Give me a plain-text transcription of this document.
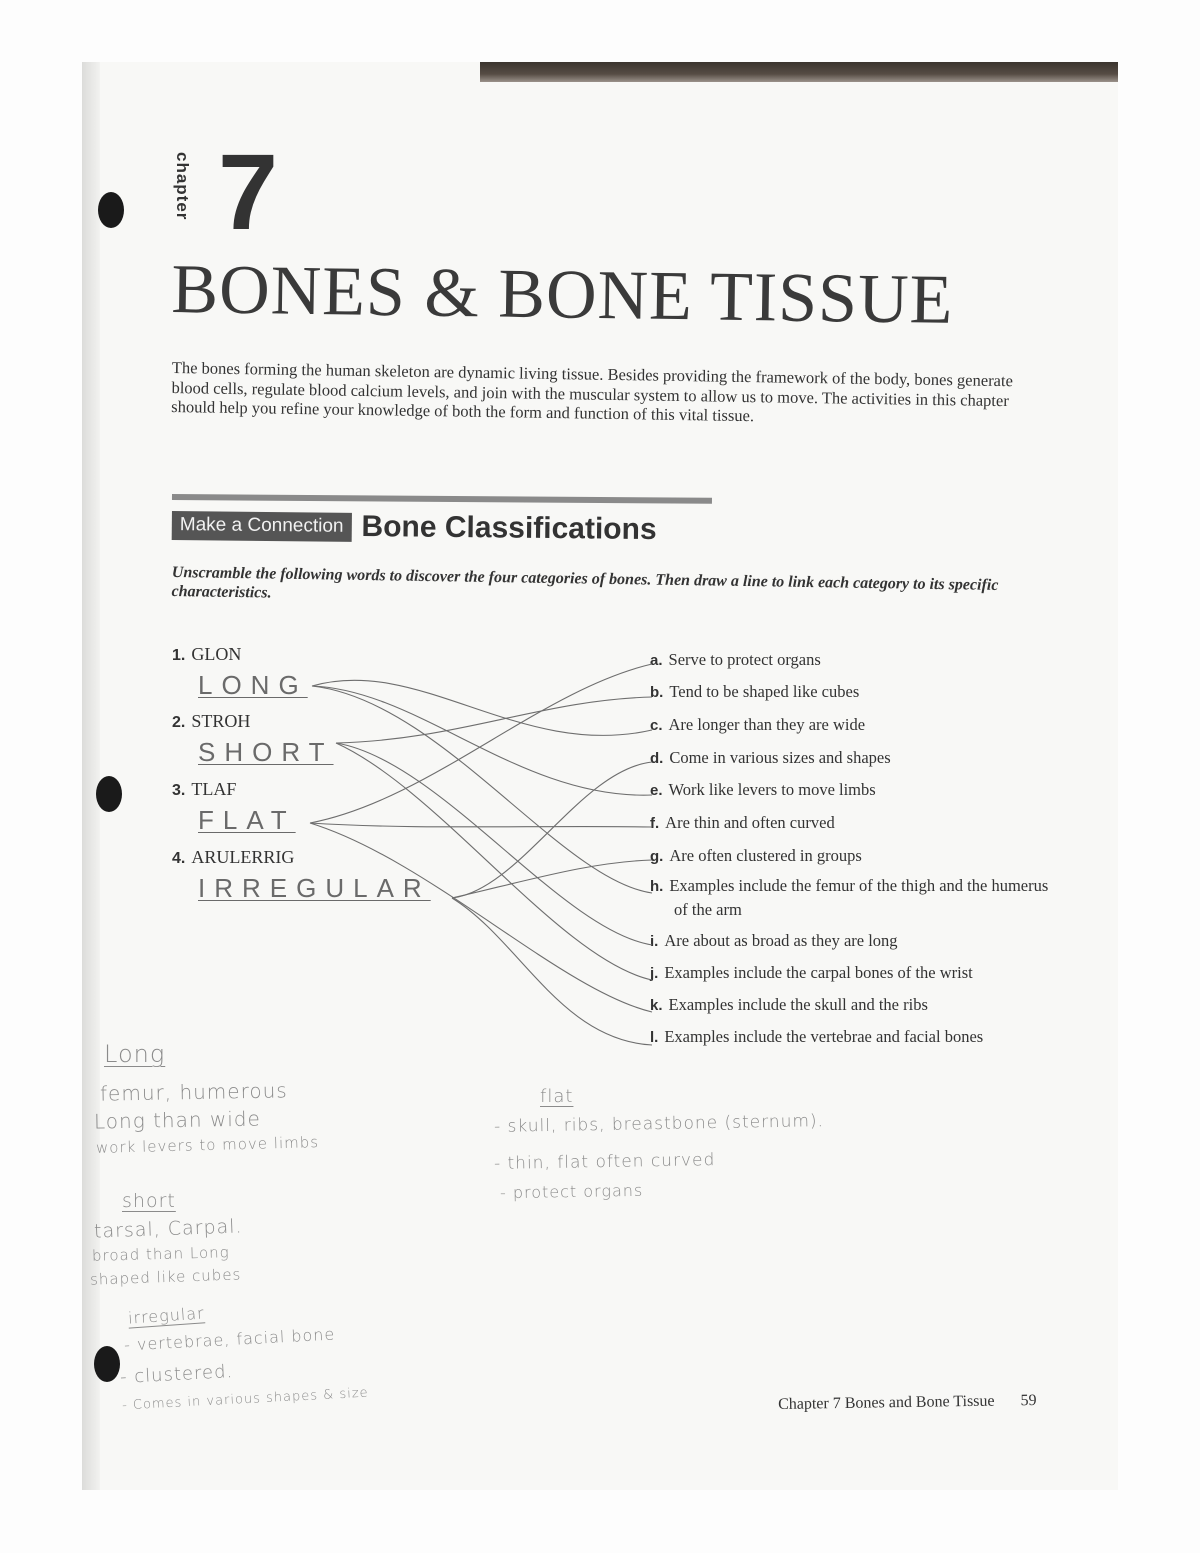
chapter 7
BONES & BONE TISSUE
The bones forming the human skeleton are dynamic living tissue. Besides providing the framework of the body, bones generate blood cells, regulate blood calcium levels, and join with the muscular system to allow us to move. The activities in this chapter should help you refine your knowledge of both the form and function of this vital tissue.
Make a Connection Bone Classifications
Unscramble the following words to discover the four categories of bones. Then draw a line to link each category to its specific characteristics.
1. GLON
LONG
2. STROH
SHORT
3. TLAF
FLAT
4. ARULERRIG
IRREGULAR
a. Serve to protect organs
b. Tend to be shaped like cubes
c. Are longer than they are wide
d. Come in various sizes and shapes
e. Work like levers to move limbs
f. Are thin and often curved
g. Are often clustered in groups
h. Examples include the femur of the thigh and the humerus of the arm
i. Are about as broad as they are long
j. Examples include the carpal bones of the wrist
k. Examples include the skull and the ribs
l. Examples include the vertebrae and facial bones
Long
femur, humerous
Long than wide
work levers to move limbs
short
tarsal, Carpal.
broad than Long
shaped like cubes
irregular
- vertebrae, facial bone
- clustered.
- Comes in various shapes & size
flat
- skull, ribs, breastbone (sternum).
- thin, flat often curved
- protect organs
Chapter 7 Bones and Bone Tissue 59
